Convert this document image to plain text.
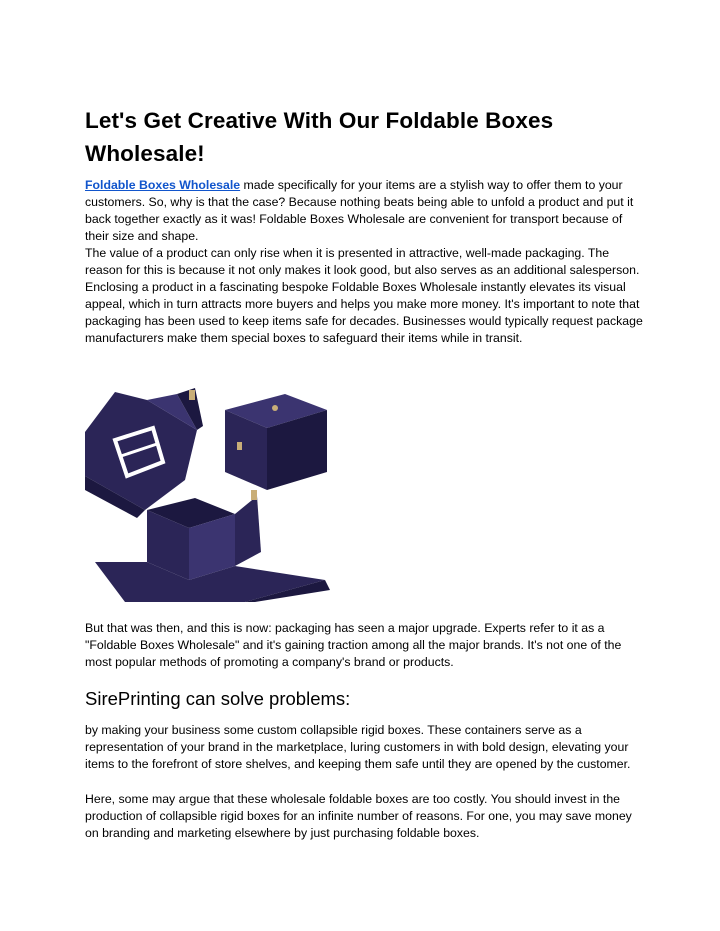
Let's Get Creative With Our Foldable Boxes Wholesale!

Foldable Boxes Wholesale made specifically for your items are a stylish way to offer them to your customers. So, why is that the case? Because nothing beats being able to unfold a product and put it back together exactly as it was! Foldable Boxes Wholesale are convenient for transport because of their size and shape.

The value of a product can only rise when it is presented in attractive, well-made packaging. The reason for this is because it not only makes it look good, but also serves as an additional salesperson. Enclosing a product in a fascinating bespoke Foldable Boxes Wholesale instantly elevates its visual appeal, which in turn attracts more buyers and helps you make more money. It's important to note that packaging has been used to keep items safe for decades. Businesses would typically request package manufacturers make them special boxes to safeguard their items while in transit.

But that was then, and this is now: packaging has seen a major upgrade. Experts refer to it as a "Foldable Boxes Wholesale" and it's gaining traction among all the major brands. It's not one of the most popular methods of promoting a company's brand or products.

SirePrinting can solve problems:

by making your business some custom collapsible rigid boxes. These containers serve as a representation of your brand in the marketplace, luring customers in with bold design, elevating your items to the forefront of store shelves, and keeping them safe until they are opened by the customer.

Here, some may argue that these wholesale foldable boxes are too costly. You should invest in the production of collapsible rigid boxes for an infinite number of reasons. For one, you may save money on branding and marketing elsewhere by just purchasing foldable boxes.
